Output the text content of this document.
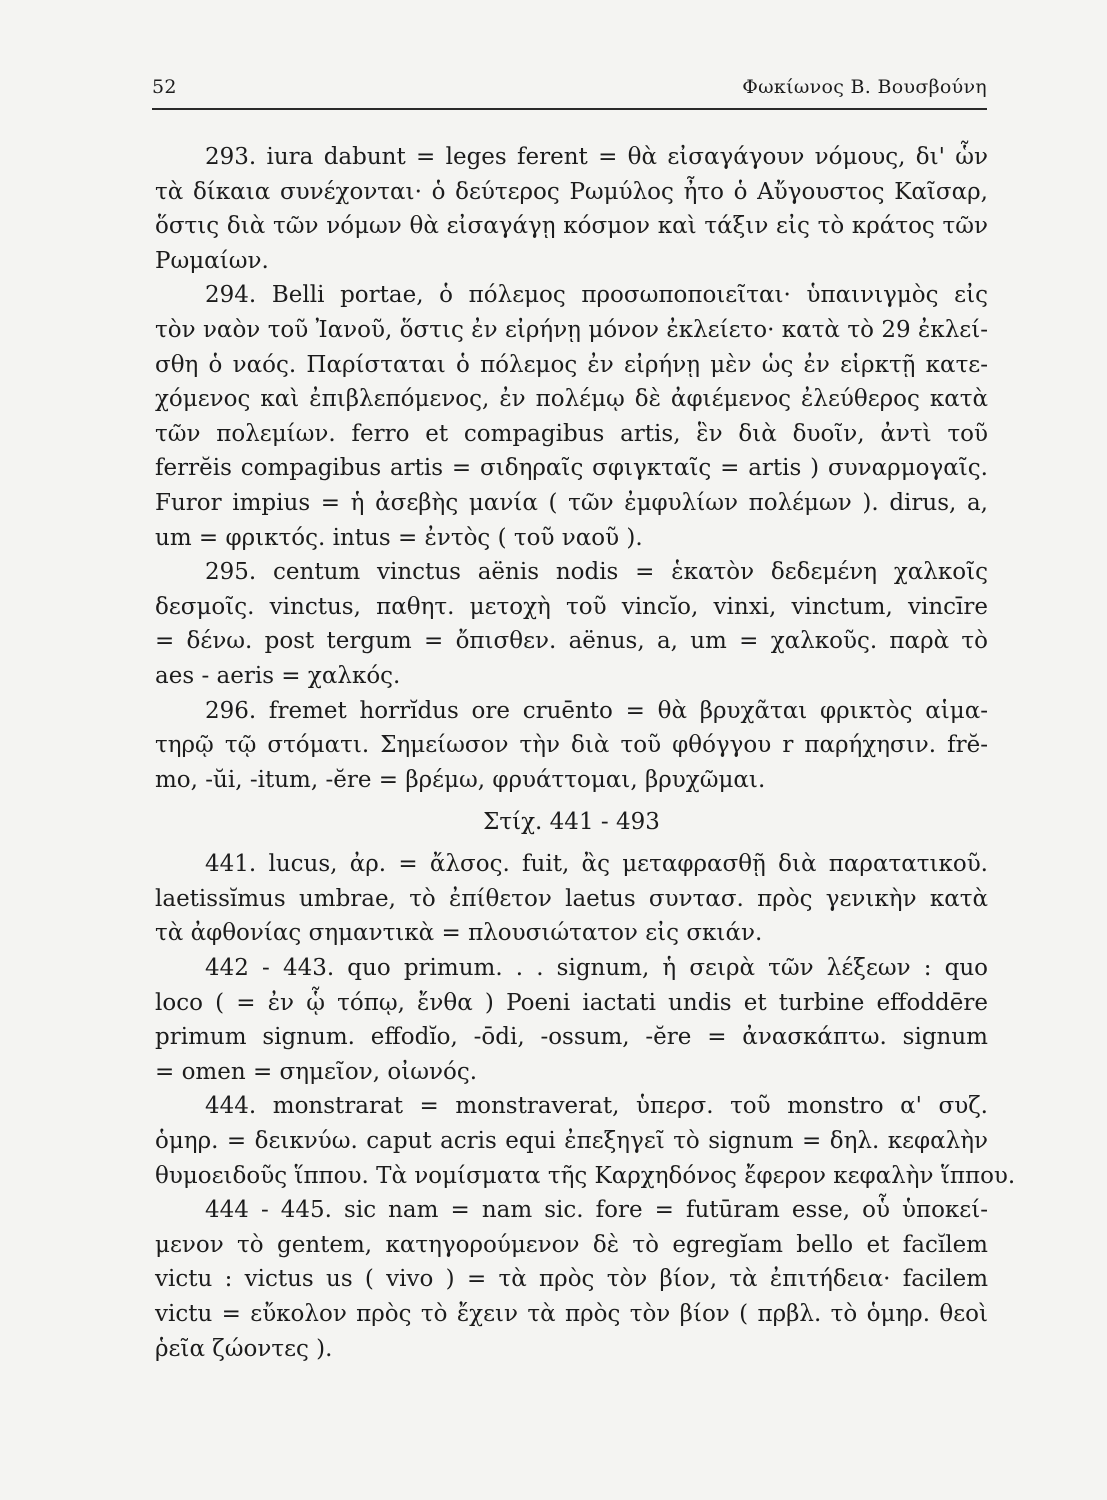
52	Φωκίωνος Β. Βουσβούνη
293. iura dabunt = leges ferent = θὰ εἰσαγάγουν νόμους, δι' ὧν
τὰ δίκαια συνέχονται· ὁ δεύτερος Ρωμύλος ἦτο ὁ Αὔγουστος Καῖσαρ,
ὅστις διὰ τῶν νόμων θὰ εἰσαγάγῃ κόσμον καὶ τάξιν εἰς τὸ κράτος τῶν
Ρωμαίων.
294. Belli portae, ὁ πόλεμος προσωποποιεῖται· ὑπαινιγμὸς εἰς
τὸν ναὸν τοῦ Ἰανοῦ, ὅστις ἐν εἰρήνῃ μόνον ἐκλείετο· κατὰ τὸ 29 ἐκλεί-
σθη ὁ ναός. Παρίσταται ὁ πόλεμος ἐν εἰρήνῃ μὲν ὡς ἐν εἱρκτῇ κατε-
χόμενος καὶ ἐπιβλεπόμενος, ἐν πολέμῳ δὲ ἀφιέμενος ἐλεύθερος κατὰ
τῶν πολεμίων. ferro et compagibus artis, ἓν διὰ δυοῖν, ἀντὶ τοῦ
ferrĕis compagibus artis = σιδηραῖς σφιγκταῖς = artis ) συναρμογαῖς.
Furor impius = ἡ ἀσεβὴς μανία ( τῶν ἐμφυλίων πολέμων ). dirus, a,
um = φρικτός. intus = ἐντὸς ( τοῦ ναοῦ ).
295. centum vinctus aënis nodis = ἑκατὸν δεδεμένη χαλκοῖς
δεσμοῖς. vinctus, παθητ. μετοχὴ τοῦ vincĭo, vinxi, vinctum, vincīre
= δένω. post tergum = ὄπισθεν. aënus, a, um = χαλκοῦς. παρὰ τὸ
aes - aeris = χαλκός.
296. fremet horrĭdus ore cruēnto = θὰ βρυχᾶται φρικτὸς αἱμα-
τηρῷ τῷ στόματι. Σημείωσον τὴν διὰ τοῦ φθόγγου r παρήχησιν. frĕ-
mo, -ŭi, -itum, -ĕre = βρέμω, φρυάττομαι, βρυχῶμαι.
Στίχ. 441 - 493
441. lucus, ἀρ. = ἄλσος. fuit, ἂς μεταφρασθῇ διὰ παρατατικοῦ.
laetissĭmus umbrae, τὸ ἐπίθετον laetus συντασ. πρὸς γενικὴν κατὰ
τὰ ἀφθονίας σημαντικὰ = πλουσιώτατον εἰς σκιάν.
442 - 443. quo primum. . . signum, ἡ σειρὰ τῶν λέξεων : quo
loco ( = ἐν ᾧ τόπῳ, ἔνθα ) Poeni iactati undis et turbine effoddēre
primum signum. effodĭo, -ōdi, -ossum, -ĕre = ἀνασκάπτω. signum
= omen = σημεῖον, οἰωνός.
444. monstrarat = monstraverat, ὑπερσ. τοῦ monstro α' συζ.
ὁμηρ. = δεικνύω. caput acris equi ἐπεξηγεῖ τὸ signum = δηλ. κεφαλὴν
θυμοειδοῦς ἵππου. Τὰ νομίσματα τῆς Καρχηδόνος ἔφερον κεφαλὴν ἵππου.
444 - 445. sic nam = nam sic. fore = futūram esse, οὗ ὑποκεί-
μενον τὸ gentem, κατηγορούμενον δὲ τὸ egregĭam bello et facĭlem
victu : victus us ( vivo ) = τὰ πρὸς τὸν βίον, τὰ ἐπιτήδεια· facilem
victu = εὔκολον πρὸς τὸ ἔχειν τὰ πρὸς τὸν βίον ( πρβλ. τὸ ὁμηρ. θεοὶ
ῥεῖα ζώοντες ).
